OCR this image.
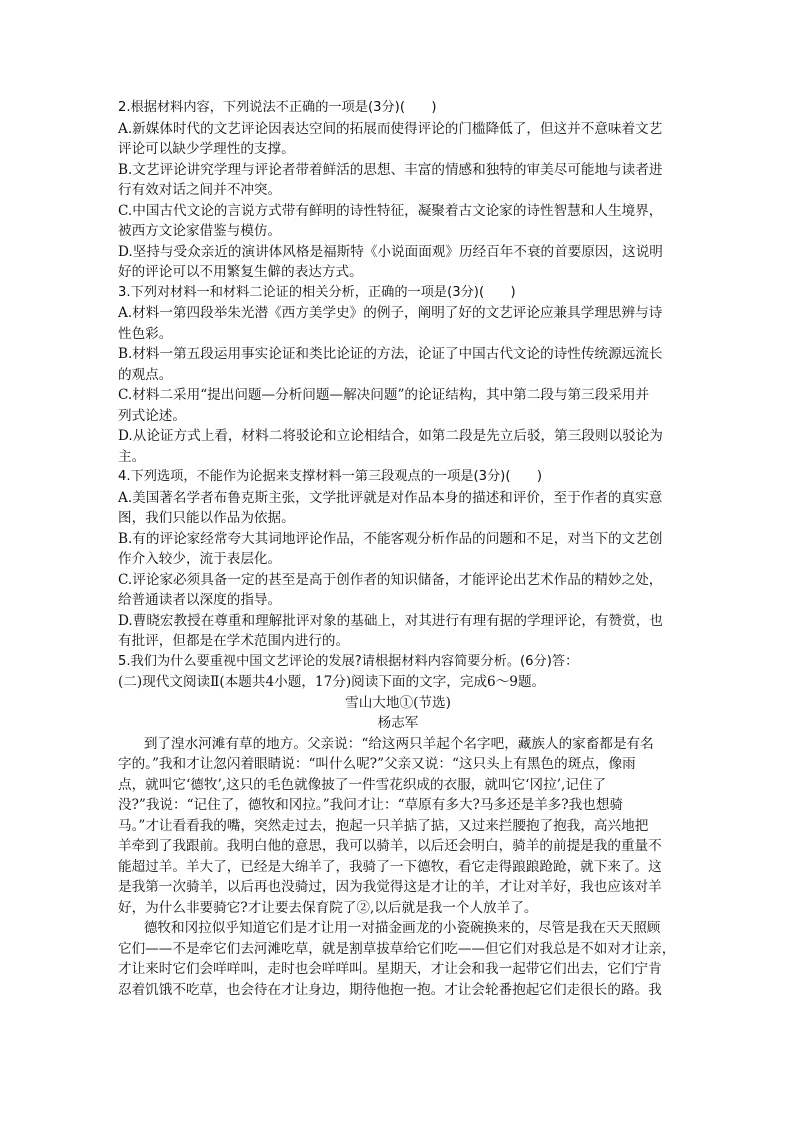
2.根据材料内容，下列说法不正确的一项是(3分)(　　)
A.新媒体时代的文艺评论因表达空间的拓展而使得评论的门槛降低了，但这并不意味着文艺
评论可以缺少学理性的支撑。
B.文艺评论讲究学理与评论者带着鲜活的思想、丰富的情感和独特的审美尽可能地与读者进
行有效对话之间并不冲突。
C.中国古代文论的言说方式带有鲜明的诗性特征，凝聚着古文论家的诗性智慧和人生境界，
被西方文论家借鉴与模仿。
D.坚持与受众亲近的演讲体风格是福斯特《小说面面观》历经百年不衰的首要原因，这说明
好的评论可以不用繁复生僻的表达方式。
3.下列对材料一和材料二论证的相关分析，正确的一项是(3分)(　　)
A.材料一第四段举朱光潜《西方美学史》的例子，阐明了好的文艺评论应兼具学理思辨与诗
性色彩。
B.材料一第五段运用事实论证和类比论证的方法，论证了中国古代文论的诗性传统源远流长
的观点。
C.材料二采用“提出问题—分析问题—解决问题”的论证结构，其中第二段与第三段采用并
列式论述。
D.从论证方式上看，材料二将驳论和立论相结合，如第二段是先立后驳，第三段则以驳论为
主。
4.下列选项，不能作为论据来支撑材料一第三段观点的一项是(3分)(　　)
A.美国著名学者布鲁克斯主张，文学批评就是对作品本身的描述和评价，至于作者的真实意
图，我们只能以作品为依据。
B.有的评论家经常夸大其词地评论作品，不能客观分析作品的问题和不足，对当下的文艺创
作介入较少，流于表层化。
C.评论家必须具备一定的甚至是高于创作者的知识储备，才能评论出艺术作品的精妙之处，
给普通读者以深度的指导。
D.曹晓宏教授在尊重和理解批评对象的基础上，对其进行有理有据的学理评论，有赞赏，也
有批评，但都是在学术范围内进行的。
5.我们为什么要重视中国文艺评论的发展?请根据材料内容简要分析。(6分)答：
(二)现代文阅读Ⅱ(本题共4小题，17分)阅读下面的文字，完成6～9题。
雪山大地①(节选)
杨志军
到了湟水河滩有草的地方。父亲说：“给这两只羊起个名字吧，藏族人的家畜都是有名
字的。”我和才让忽闪着眼睛说：“叫什么呢?”父亲又说：“这只头上有黑色的斑点，像雨
点，就叫它‘德牧’,这只的毛色就像披了一件雪花织成的衣服，就叫它‘冈拉’,记住了
没?”我说：“记住了，德牧和冈拉。”我问才让：“草原有多大?马多还是羊多?我也想骑
马。”才让看看我的嘴，突然走过去，抱起一只羊掂了掂，又过来拦腰抱了抱我，高兴地把
羊牵到了我跟前。我明白他的意思，我可以骑羊，以后还会明白，骑羊的前提是我的重量不
能超过羊。羊大了，已经是大绵羊了，我骑了一下德牧，看它走得踉踉跄跄，就下来了。这
是我第一次骑羊，以后再也没骑过，因为我觉得这是才让的羊，才让对羊好，我也应该对羊
好，为什么非要骑它?才让要去保育院了②,以后就是我一个人放羊了。
德牧和冈拉似乎知道它们是才让用一对描金画龙的小瓷碗换来的，尽管是我在天天照顾
它们——不是牵它们去河滩吃草，就是割草拔草给它们吃——但它们对我总是不如对才让亲，
才让来时它们会咩咩叫，走时也会咩咩叫。星期天，才让会和我一起带它们出去，它们宁肯
忍着饥饿不吃草，也会待在才让身边，期待他抱一抱。才让会轮番抱起它们走很长的路。我
